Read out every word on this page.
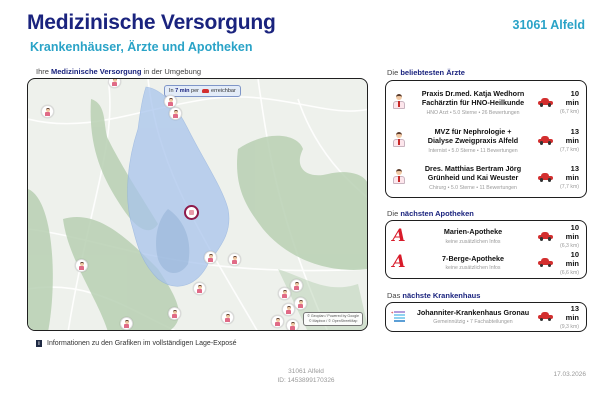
Medizinische Versorgung
Krankenhäuser, Ärzte und Apotheken
31061 Alfeld
Ihre Medizinische Versorgung in der Umgebung
In 7 min per  erreichbar
© Geoplan / Powered by Google
© Mapbox / © OpenStreetMap
i	Informationen zu den Grafiken im vollständigen Lage-Exposé
Die beliebtesten Ärzte
Praxis Dr.med. Katja Wedhorn
Fachärztin für HNO-Heilkunde
HNO Arzt • 5.0 Sterne • 26 Bewertungen
10 min
(6,7 km)
MVZ für Nephrologie +
Dialyse Zweigpraxis Alfeld
Internist • 5.0 Sterne • 11 Bewertungen
13 min
(7,7 km)
Dres. Matthias Bertram Jörg
Grünheid und Kai Weuster
Chirurg • 5.0 Sterne • 11 Bewertungen
13 min
(7,7 km)
Die nächsten Apotheken
A	Marien-Apotheke
keine zusätzlichen Infos
10 min
(6,3 km)
A	7-Berge-Apotheke
keine zusätzlichen Infos
10 min
(6,6 km)
Das nächste Krankenhaus
+	Johanniter-Krankenhaus Gronau
Gemeinnützig • 7 Fachabteilungen
13 min
(9,3 km)
31061 Alfeld
ID: 1453899170326
17.03.2026
